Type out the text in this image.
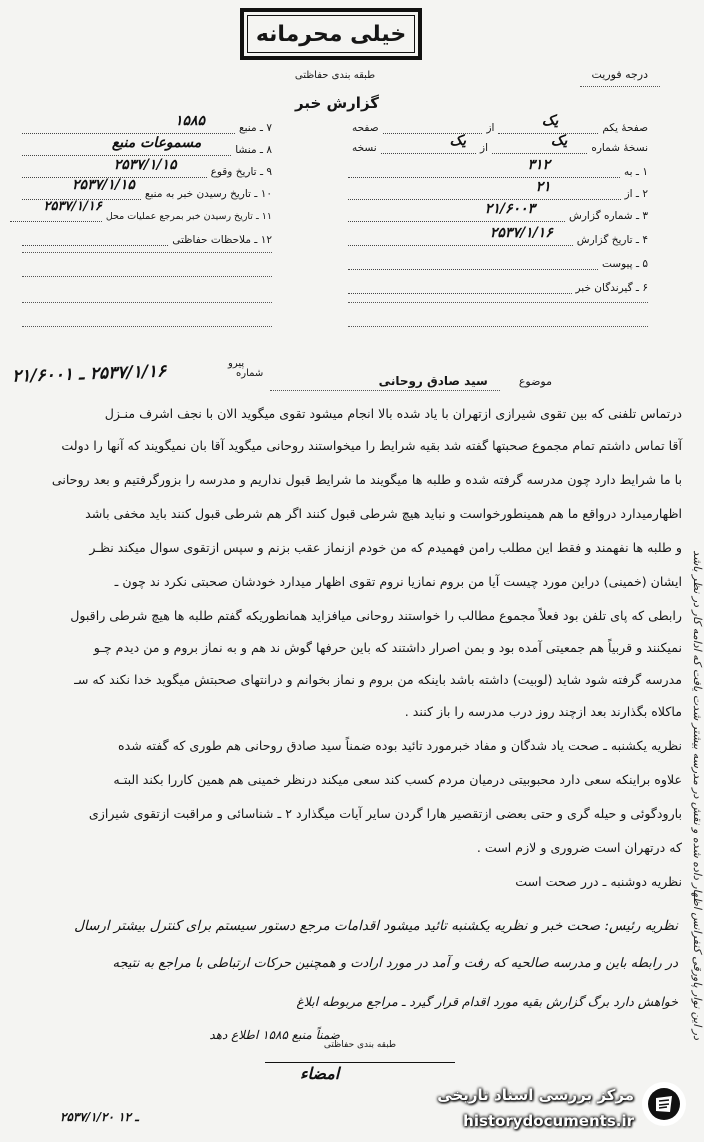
خیلی محرمانه
طبقه بندی حفاظتی
گزارش خبر
درجه فوریت
صفحهٔ یکم
یک
از
صفحه
نسخهٔ شماره
یک
از
یک
نسخه
۱ ـ به
۳۱۲
۲ ـ از
۲۱
۳ ـ شماره گزارش
۲۱/۶۰۰۳
۴ ـ تاریخ گزارش
۲۵۳۷/۱/۱۶
۵ ـ پیوست
۶ ـ گیرندگان خبر
۷ ـ منبع
۱۵۸۵
۸ ـ منشا
مسموعات منبع
۹ ـ تاریخ وقوع
۲۵۳۷/۱/۱۵
۱۰ ـ تاریخ رسیدن خبر به منبع
۲۵۳۷/۱/۱۵
۱۱ ـ تاریخ رسیدن خبر بمرجع عملیات محل
۲۵۳۷/۱/۱۶
۱۲ ـ ملاحظات حفاظتی
پیرو
شماره
۲۵۳۷/۱/۱۶ ـ ۲۱/۶۰۰۱	موضوع  سید صادق روحانی
درتماس تلفنی که بین تقوی شیرازی ازتهران با یاد شده بالا انجام میشود تقوی میگوید الان با نجف اشرف منـزل
آقا تماس داشتم تمام مجموع صحبتها گفته شد بقیه شرایط را میخواستند روحانی میگوید آقا بان نمیگویند که آنها را دولت
با ما شرایط دارد چون مدرسه گرفته شده و طلبه ها میگویند ما شرایط قبول نداریم و مدرسه را بزورگرفتیم و بعد روحانی
اظهارمیدارد درواقع ما هم همینطورخواست و نباید هیچ شرطی قبول کنند اگر هم شرطی قبول کنند باید مخفی باشد
و طلبه ها نفهمند و فقط این مطلب رامن فهمیدم که من خودم ازنماز عقب بزنم و سپس ازتقوی سوال میکند نظـر
ایشان (خمینی) دراین مورد چیست آیا من بروم نمازیا نروم تقوی اظهار میدارد خودشان صحبتی نکرد ند چون ـ
رابطی که پای تلفن بود فعلاً مجموع مطالب را خواستند روحانی میافزاید همانطوریکه گفتم طلبه ها هیچ شرطی راقبول
نمیکنند و قربیاً هم جمعیتی آمده بود و بمن اصرار داشتند که باین حرفها گوش ند هم و به نماز بروم و من دیدم چـو
مدرسه گرفته شود شاید (لوبیت) داشته باشد باینکه من بروم و نماز بخوانم و درانتهای صحبتش میگوید خدا نکند که سـ
ماکلاه بگذارند بعد ازچند روز درب مدرسه را باز کنند .
نظریه یکشنبه ـ صحت یاد شدگان و مفاد خبرمورد تائید بوده ضمناً سید صادق روحانی هم طوری که گفته شده
علاوه براینکه سعی دارد محبوبیتی درمیان مردم کسب کند سعی میکند درنظر خمینی هم همین کاررا بکند البتـه
بارودگوئی و حیله گری و حتی بعضی ازتقصیر هارا گردن سایر آیات میگذارد ۲ ـ شناسائی و مراقبت ازتقوی شیرازی
که درتهران است ضروری و لازم است .
نظریه دوشنبه ـ درر صحت است
نظریه رئیس: صحت خبر و نظریه یکشنبه تائید میشود اقدامات مرجع دستور سیستم برای کنترل بیشتر ارسال
در رابطه باین و مدرسه صالحیه که رفت و آمد در مورد ارادت و همچنین حرکات ارتباطی با مراجع به نتیجه
خواهش دارد برگ گزارش بقیه مورد اقدام قرار گیرد ـ مراجع مربوطه ابلاغ
ضمناً منبع ۱۵۸۵ اطلاع دهد
طبقه بندی حفاظتی
امضاء
۲۵۳۷/۱/۲۰ ـ ۱۲
در این نوار پاورقی کنفرانس اظهار داده شده و نقش در مدرسه بیشتر شدت یافت که ادامه کار در نظر باشد
مرکز بررسی اسناد تاریخی
historydocuments.ir
